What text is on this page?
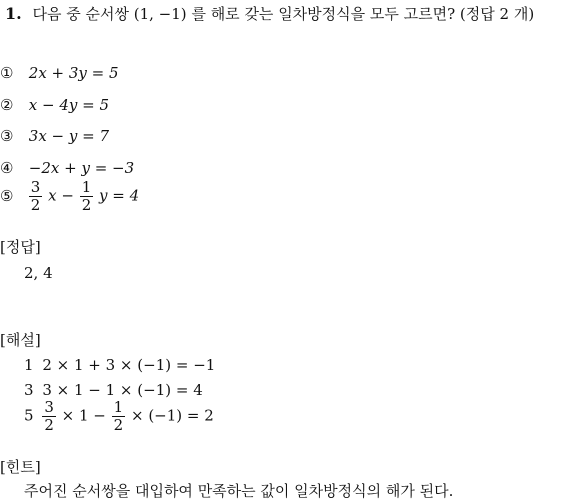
1. 다음 중 순서쌍 (1, −1) 를 해로 갖는 일차방정식을 모두 고르면? (정답 2 개)
① 2x + 3y = 5
② x − 4y = 5
③ 3x − y = 7
④ −2x + y = −3
⑤ $\frac{3}{2}$ $x - \frac{1}{2}$ y = 4
[정답]
2, 4
[해설]
1 2 × 1 + 3 × (−1) = −1
3 3 × 1 − 1 × (−1) = 4
$5 \frac{3}{2} \times 1 - \frac{1}{2} \times (-1) = 2$
[힌트]
주어진 순서쌍을 대입하여 만족하는 값이 일차방정식의 해가 된다.
